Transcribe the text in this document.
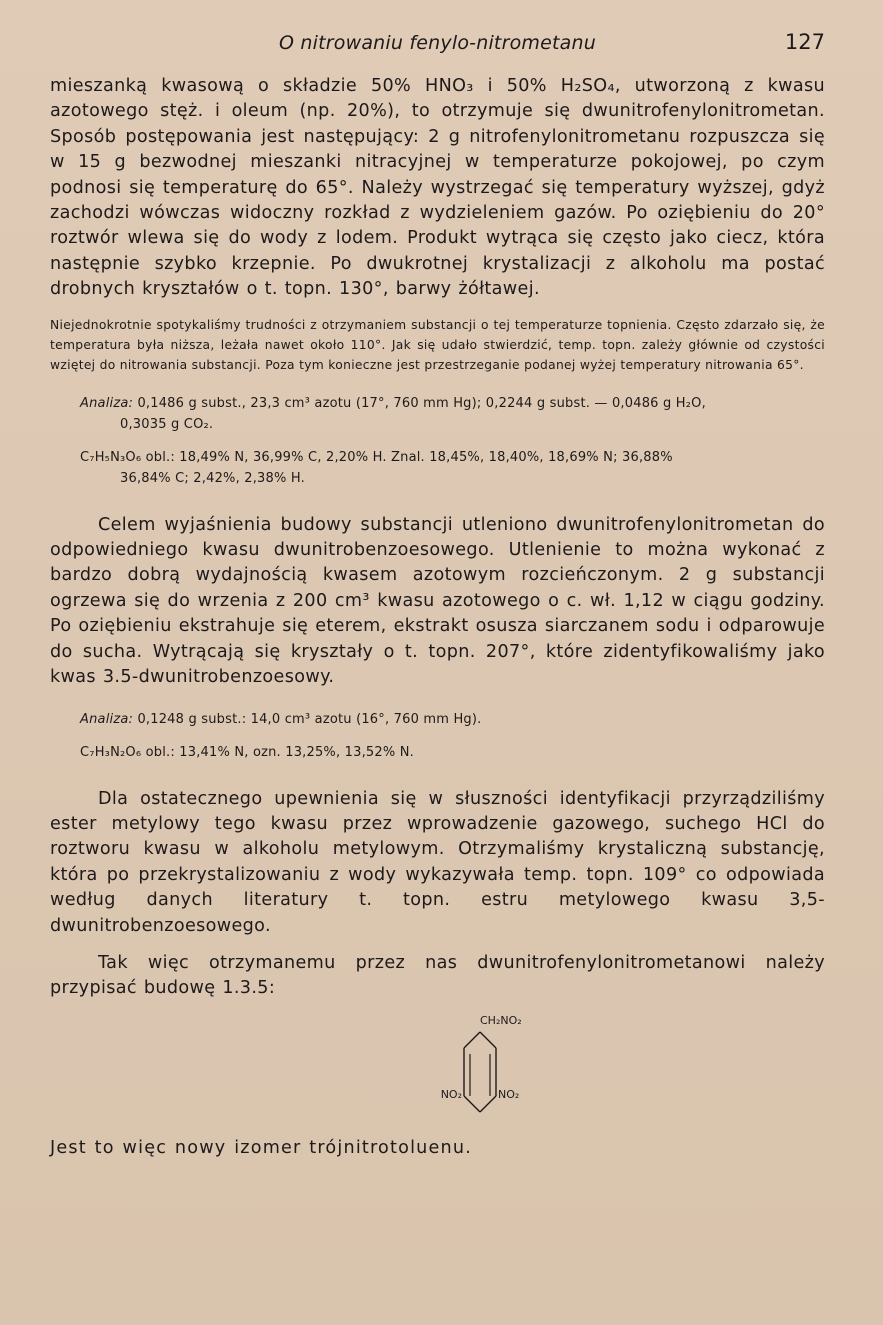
O nitrowaniu fenylo-nitrometanu	127

mieszanką kwasową o składzie 50% HNO₃ i 50% H₂SO₄, utworzoną z kwasu azotowego stęż. i oleum (np. 20%), to otrzymuje się dwunitrofenylonitrometan. Sposób postępowania jest następujący: 2 g nitrofenylonitrometanu rozpuszcza się w 15 g bezwodnej mieszanki nitracyjnej w temperaturze pokojowej, po czym podnosi się temperaturę do 65°. Należy wystrzegać się temperatury wyższej, gdyż zachodzi wówczas widoczny rozkład z wydzieleniem gazów. Po oziębieniu do 20° roztwór wlewa się do wody z lodem. Produkt wytrąca się często jako ciecz, która następnie szybko krzepnie. Po dwukrotnej krystalizacji z alkoholu ma postać drobnych kryształów o t. topn. 130°, barwy żółtawej.

Niejednokrotnie spotykaliśmy trudności z otrzymaniem substancji o tej temperaturze topnienia. Często zdarzało się, że temperatura była niższa, leżała nawet około 110°. Jak się udało stwierdzić, temp. topn. zależy głównie od czystości wziętej do nitrowania substancji. Poza tym konieczne jest przestrzeganie podanej wyżej temperatury nitrowania 65°.

Analiza: 0,1486 g subst., 23,3 cm³ azotu (17°, 760 mm Hg); 0,2244 g subst. — 0,0486 g H₂O,
0,3035 g CO₂.
C₇H₅N₃O₆ obl.: 18,49% N, 36,99% C, 2,20% H. Znal. 18,45%, 18,40%, 18,69% N; 36,88%
36,84% C; 2,42%, 2,38% H.

Celem wyjaśnienia budowy substancji utleniono dwunitrofenylonitrometan do odpowiedniego kwasu dwunitrobenzoesowego. Utlenienie to można wykonać z bardzo dobrą wydajnością kwasem azotowym rozcieńczonym. 2 g substancji ogrzewa się do wrzenia z 200 cm³ kwasu azotowego o c. wł. 1,12 w ciągu godziny. Po oziębieniu ekstrahuje się eterem, ekstrakt osusza siarczanem sodu i odparowuje do sucha. Wytrącają się kryształy o t. topn. 207°, które zidentyfikowaliśmy jako kwas 3.5-dwunitrobenzoesowy.

Analiza: 0,1248 g subst.: 14,0 cm³ azotu (16°, 760 mm Hg).
C₇H₃N₂O₆ obl.: 13,41% N, ozn. 13,25%, 13,52% N.

Dla ostatecznego upewnienia się w słuszności identyfikacji przyrządziliśmy ester metylowy tego kwasu przez wprowadzenie gazowego, suchego HCl do roztworu kwasu w alkoholu metylowym. Otrzymaliśmy krystaliczną substancję, która po przekrystalizowaniu z wody wykazywała temp. topn. 109° co odpowiada według danych literatury t. topn. estru metylowego kwasu 3,5-dwunitrobenzoesowego.

Tak więc otrzymanemu przez nas dwunitrofenylonitrometanowi należy przypisać budowę 1.3.5:

CH₂NO₂
NO₂	NO₂

Jest to więc nowy izomer trójnitrotoluenu.
